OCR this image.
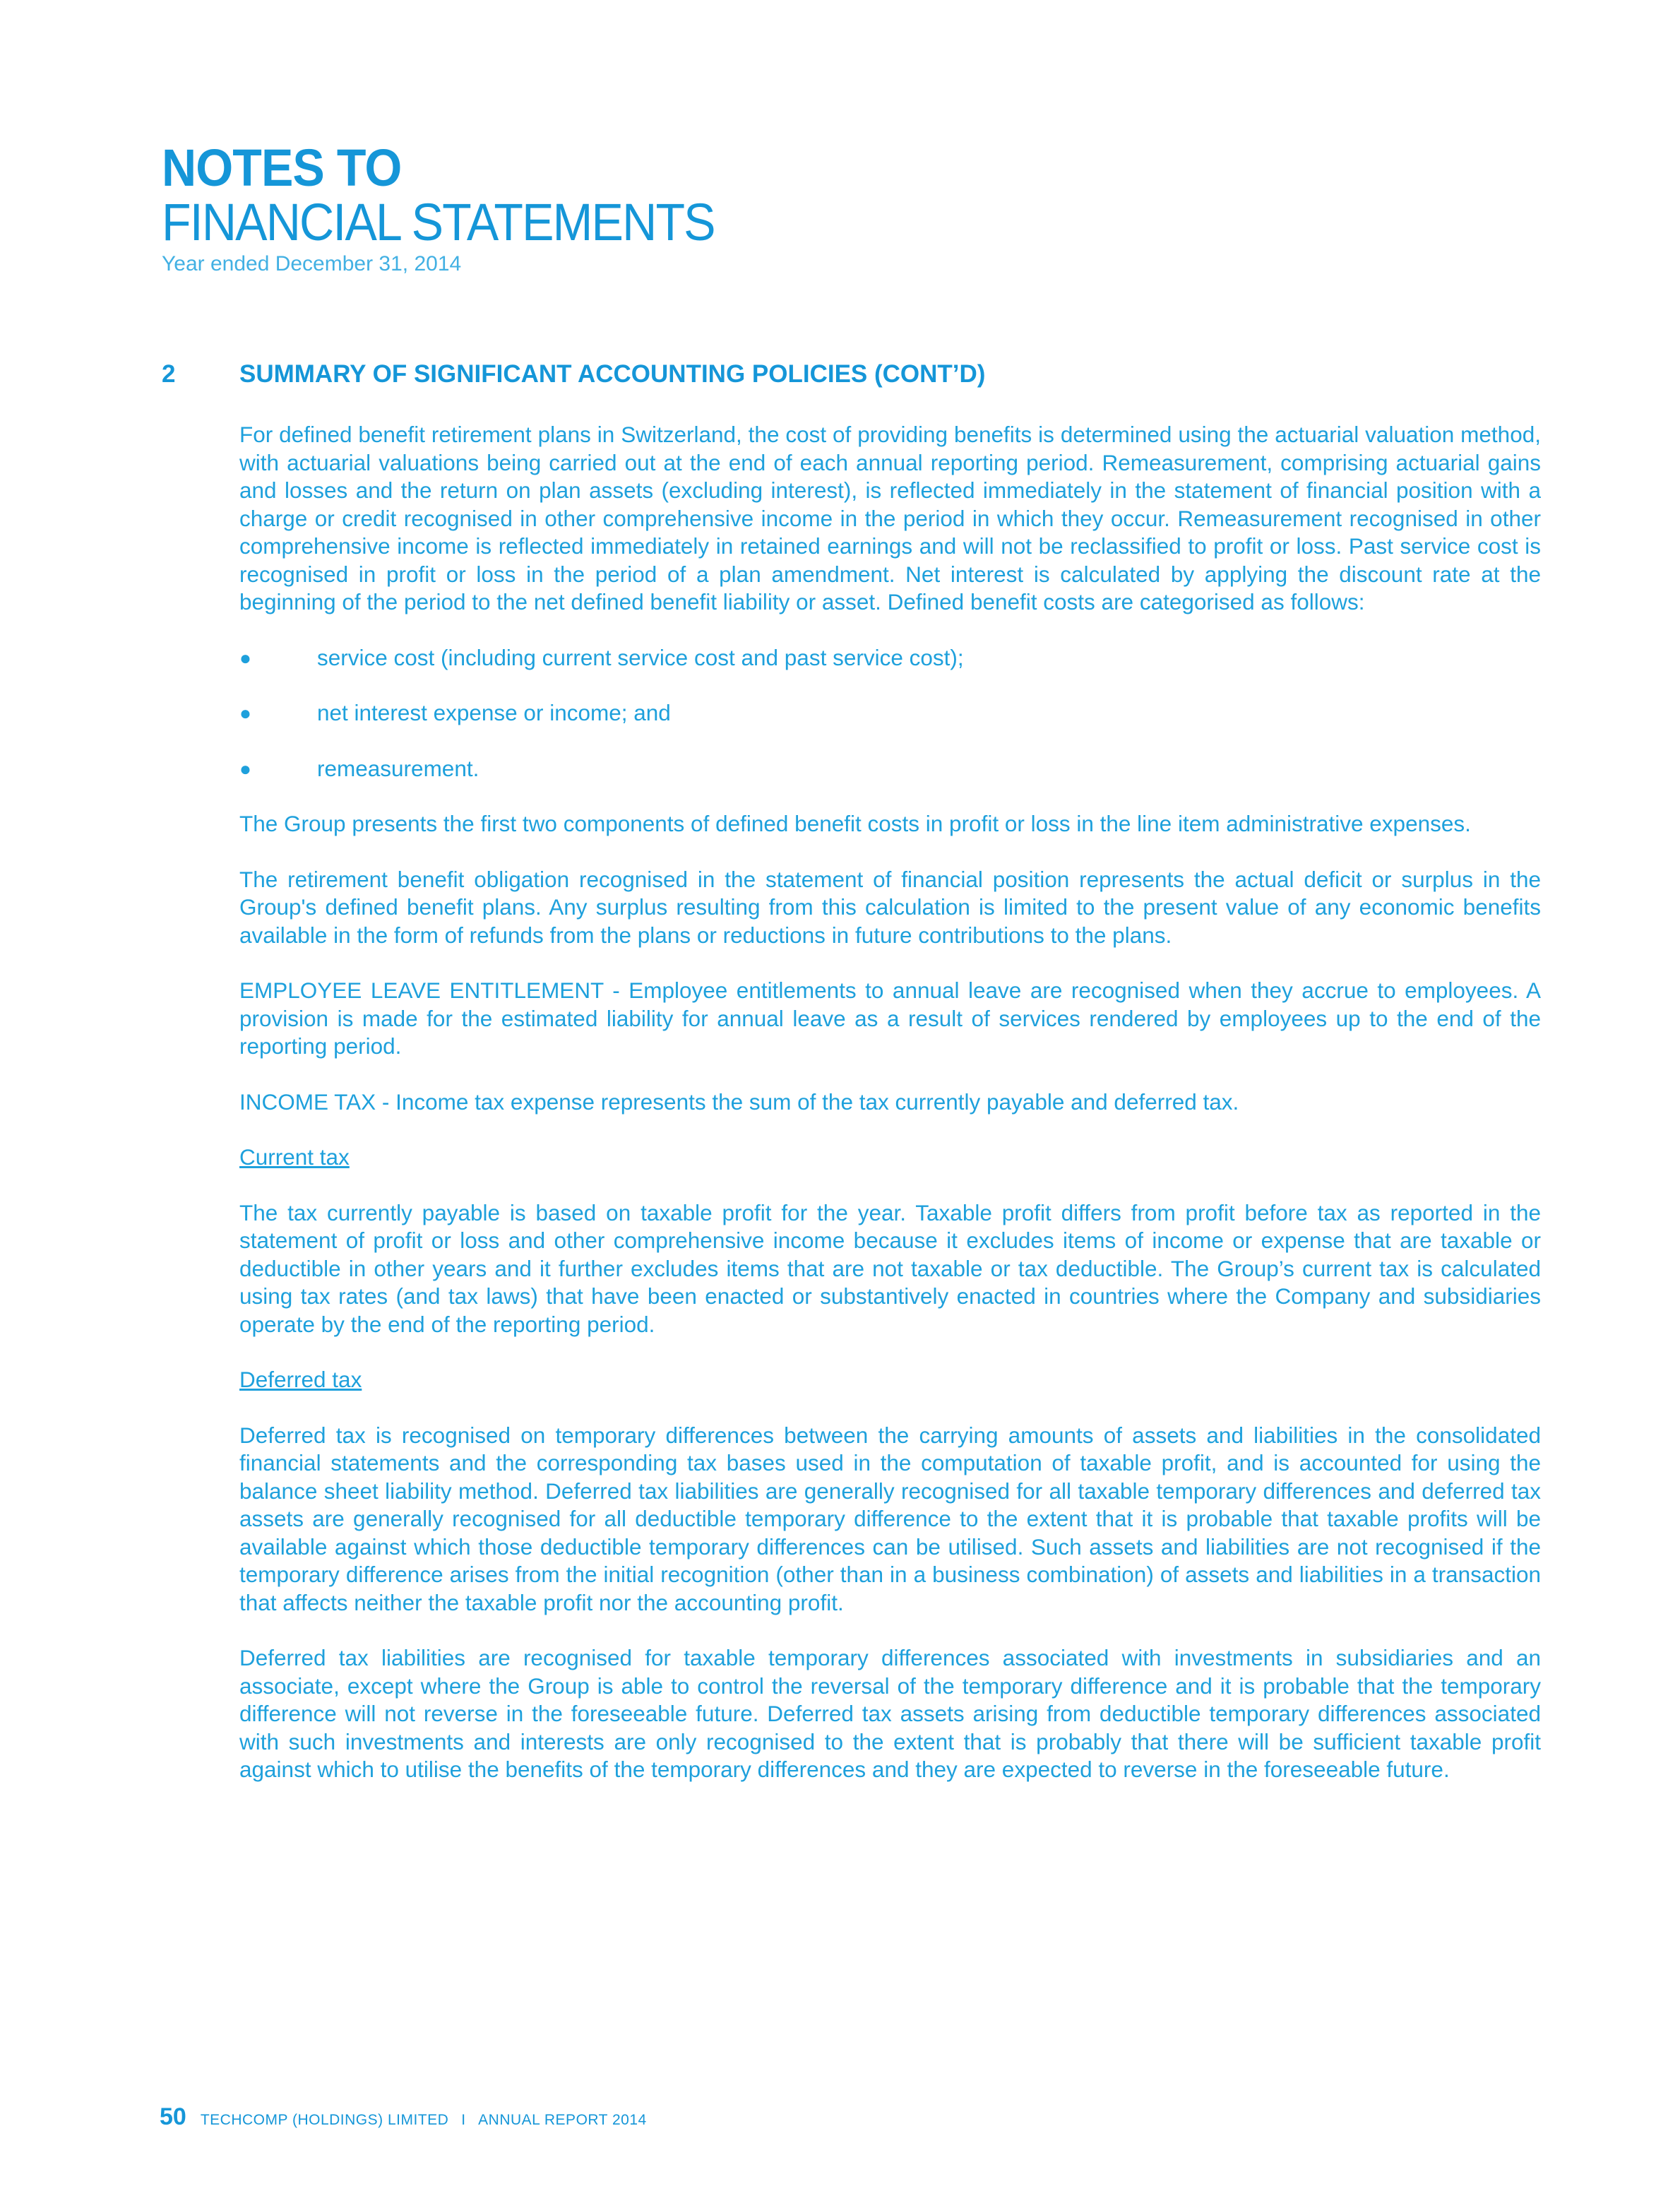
NOTES TO
FINANCIAL STATEMENTS
Year ended December 31, 2014
2	SUMMARY OF SIGNIFICANT ACCOUNTING POLICIES (CONT’D)

For defined benefit retirement plans in Switzerland, the cost of providing benefits is determined using the actuarial valuation method, with actuarial valuations being carried out at the end of each annual reporting period. Remeasurement, comprising actuarial gains and losses and the return on plan assets (excluding interest), is reflected immediately in the statement of financial position with a charge or credit recognised in other comprehensive income in the period in which they occur. Remeasurement recognised in other comprehensive income is reflected immediately in retained earnings and will not be reclassified to profit or loss. Past service cost is recognised in profit or loss in the period of a plan amendment. Net interest is calculated by applying the discount rate at the beginning of the period to the net defined benefit liability or asset. Defined benefit costs are categorised as follows:

●	service cost (including current service cost and past service cost);
●	net interest expense or income; and
●	remeasurement.

The Group presents the first two components of defined benefit costs in profit or loss in the line item administrative expenses.

The retirement benefit obligation recognised in the statement of financial position represents the actual deficit or surplus in the Group's defined benefit plans. Any surplus resulting from this calculation is limited to the present value of any economic benefits available in the form of refunds from the plans or reductions in future contributions to the plans.

EMPLOYEE LEAVE ENTITLEMENT - Employee entitlements to annual leave are recognised when they accrue to employees. A provision is made for the estimated liability for annual leave as a result of services rendered by employees up to the end of the reporting period.

INCOME TAX - Income tax expense represents the sum of the tax currently payable and deferred tax.

Current tax

The tax currently payable is based on taxable profit for the year. Taxable profit differs from profit before tax as reported in the statement of profit or loss and other comprehensive income because it excludes items of income or expense that are taxable or deductible in other years and it further excludes items that are not taxable or tax deductible. The Group’s current tax is calculated using tax rates (and tax laws) that have been enacted or substantively enacted in countries where the Company and subsidiaries operate by the end of the reporting period.

Deferred tax

Deferred tax is recognised on temporary differences between the carrying amounts of assets and liabilities in the consolidated financial statements and the corresponding tax bases used in the computation of taxable profit, and is accounted for using the balance sheet liability method. Deferred tax liabilities are generally recognised for all taxable temporary differences and deferred tax assets are generally recognised for all deductible temporary difference to the extent that it is probable that taxable profits will be available against which those deductible temporary differences can be utilised. Such assets and liabilities are not recognised if the temporary difference arises from the initial recognition (other than in a business combination) of assets and liabilities in a transaction that affects neither the taxable profit nor the accounting profit.

Deferred tax liabilities are recognised for taxable temporary differences associated with investments in subsidiaries and an associate, except where the Group is able to control the reversal of the temporary difference and it is probable that the temporary difference will not reverse in the foreseeable future. Deferred tax assets arising from deductible temporary differences associated with such investments and interests are only recognised to the extent that is probably that there will be sufficient taxable profit against which to utilise the benefits of the temporary differences and they are expected to reverse in the foreseeable future.

50 TECHCOMP (HOLDINGS) LIMITED I ANNUAL REPORT 2014
